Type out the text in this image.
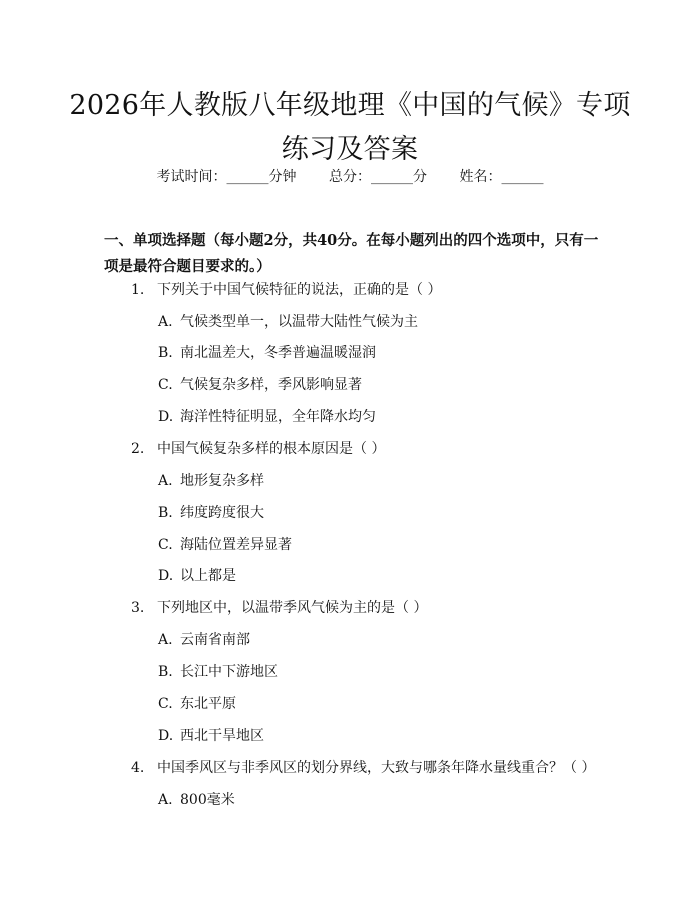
2026年人教版八年级地理《中国的气候》专项练习及答案
考试时间：______分钟 总分：______分 姓名：______
一、单项选择题（每小题2分，共40分。在每小题列出的四个选项中，只有一项是最符合题目要求的。）
1. 下列关于中国气候特征的说法，正确的是（ ）
A. 气候类型单一，以温带大陆性气候为主
B. 南北温差大，冬季普遍温暖湿润
C. 气候复杂多样，季风影响显著
D. 海洋性特征明显，全年降水均匀
2. 中国气候复杂多样的根本原因是（ ）
A. 地形复杂多样
B. 纬度跨度很大
C. 海陆位置差异显著
D. 以上都是
3. 下列地区中，以温带季风气候为主的是（ ）
A. 云南省南部
B. 长江中下游地区
C. 东北平原
D. 西北干旱地区
4. 中国季风区与非季风区的划分界线，大致与哪条年降水量线重合？（ ）
A. 800毫米
